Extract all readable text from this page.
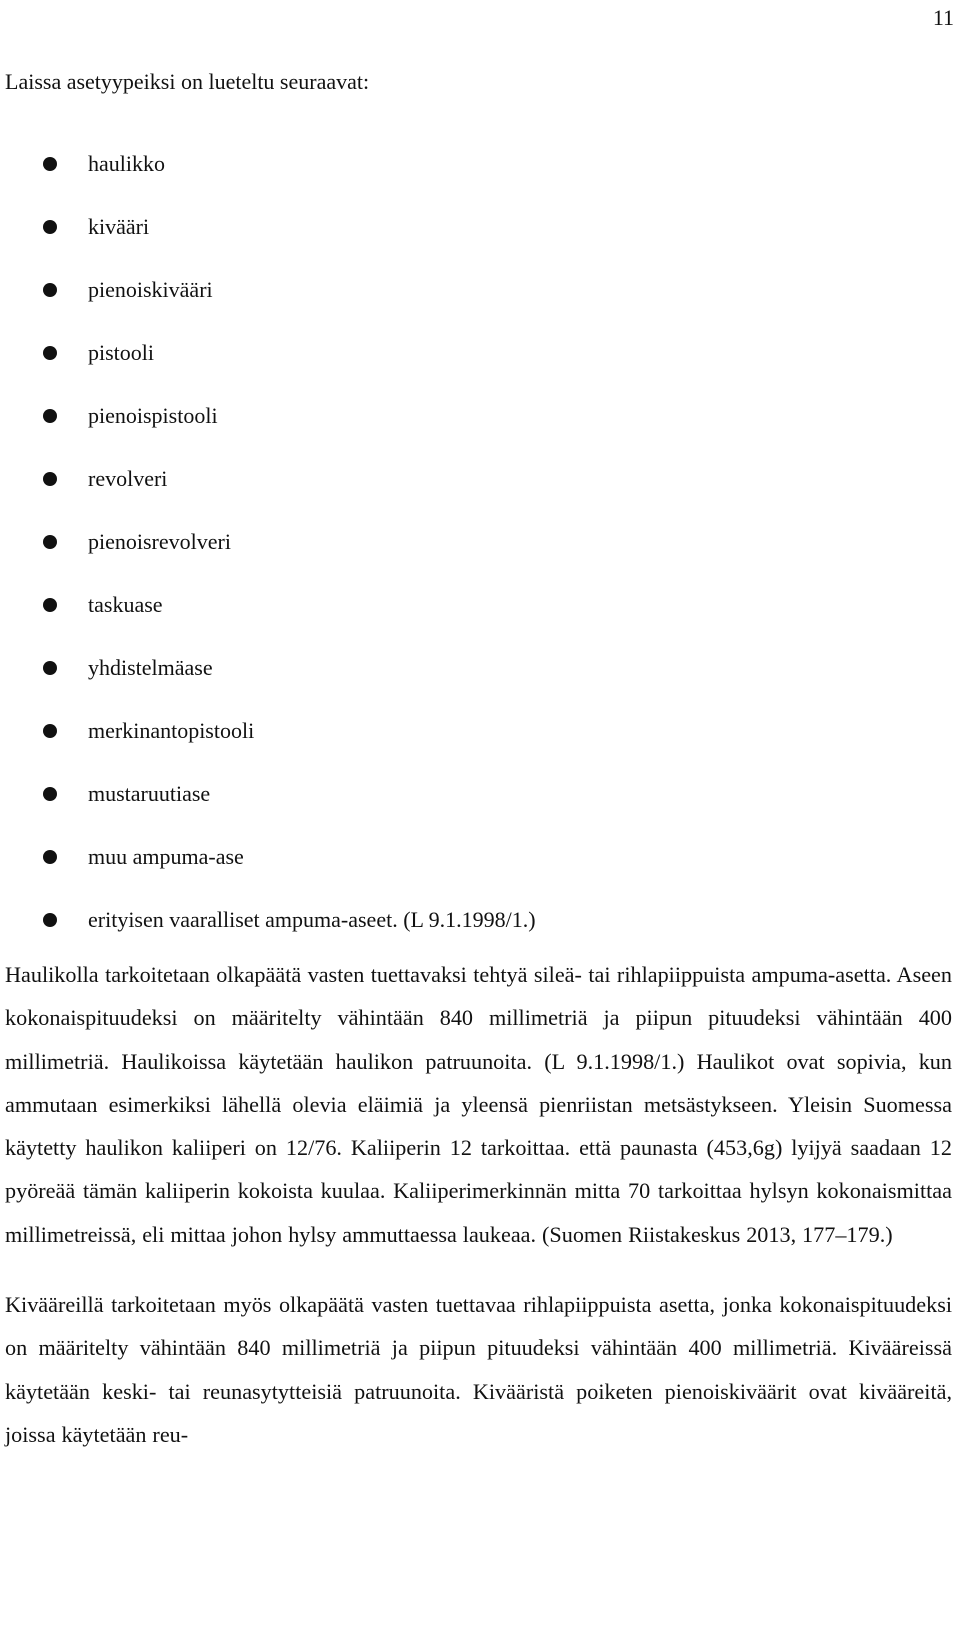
11

Laissa asetyypeiksi on lueteltu seuraavat:

haulikko
kivääri
pienoiskivääri
pistooli
pienoispistooli
revolveri
pienoisrevolveri
taskuase
yhdistelmäase
merkinantopistooli
mustaruutiase
muu ampuma-ase
erityisen vaaralliset ampuma-aseet. (L 9.1.1998/1.)

Haulikolla tarkoitetaan olkapäätä vasten tuettavaksi tehtyä sileä- tai rihlapiippuista ampuma-asetta. Aseen kokonaispituudeksi on määritelty vähintään 840 millimetriä ja piipun pituudeksi vähintään 400 millimetriä. Haulikoissa käytetään haulikon patruunoita. (L 9.1.1998/1.) Haulikot ovat sopivia, kun ammutaan esimerkiksi lähellä olevia eläimiä ja yleensä pienriistan metsästykseen. Yleisin Suomessa käytetty haulikon kaliiperi on 12/76. Kaliiperin 12 tarkoittaa. että paunasta (453,6g) lyijyä saadaan 12 pyöreää tämän kaliiperin kokoista kuulaa. Kaliiperimerkinnän mitta 70 tarkoittaa hylsyn kokonaismittaa millimetreissä, eli mittaa johon hylsy ammuttaessa laukeaa. (Suomen Riistakeskus 2013, 177–179.)

Kivääreillä tarkoitetaan myös olkapäätä vasten tuettavaa rihlapiippuista asetta, jonka kokonaispituudeksi on määritelty vähintään 840 millimetriä ja piipun pituudeksi vähintään 400 millimetriä. Kivääreissä käytetään keski- tai reunasytytteisiä patruunoita. Kivääristä poiketen pienoiskiväärit ovat kivääreitä, joissa käytetään reu-
